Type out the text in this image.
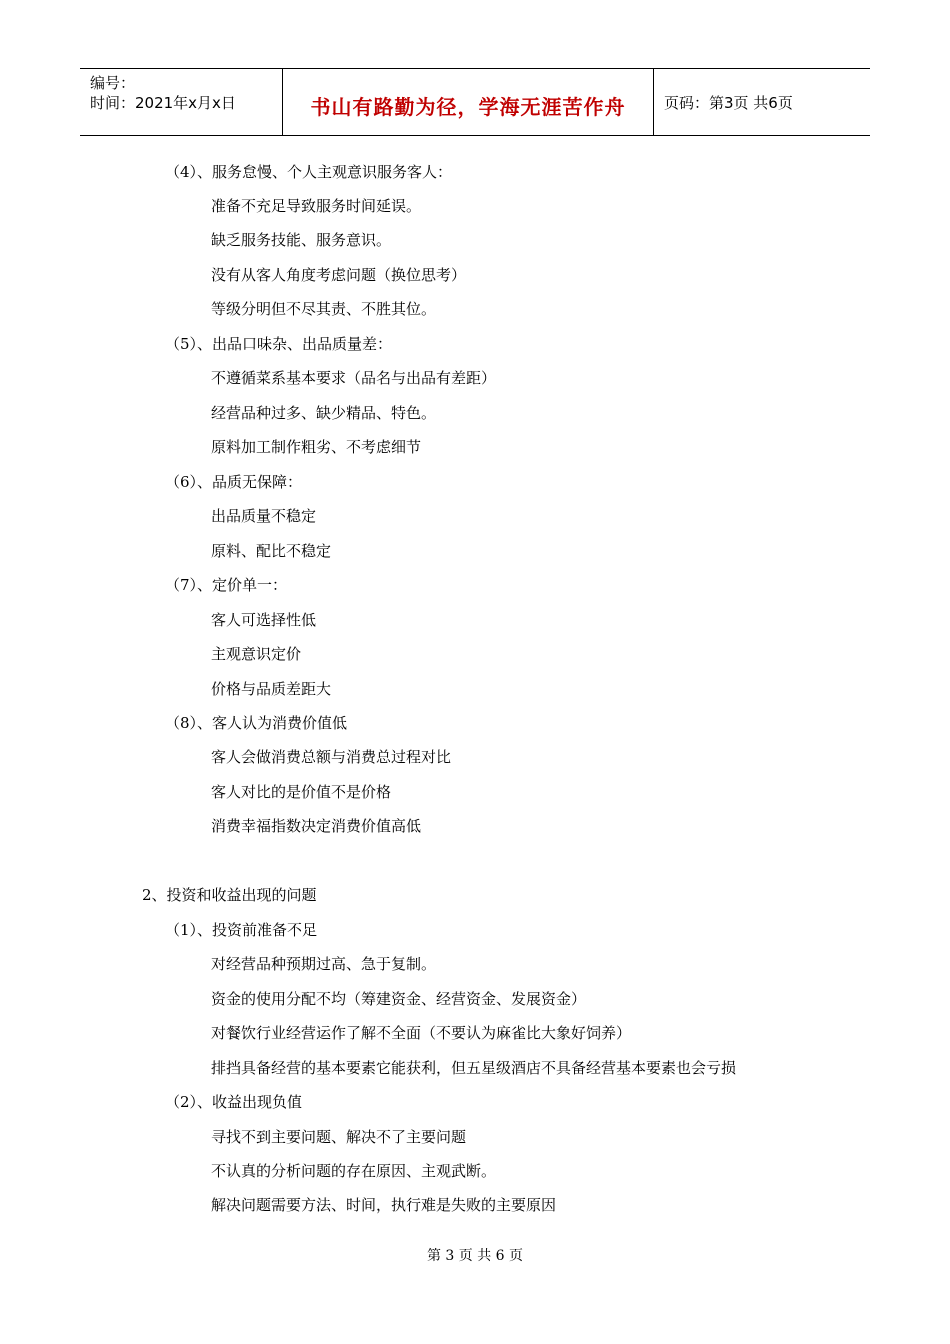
编号：
时间：2021年x月x日	书山有路勤为径，学海无涯苦作舟	页码：第3页 共6页
（4）、服务怠慢、个人主观意识服务客人：
准备不充足导致服务时间延误。
缺乏服务技能、服务意识。
没有从客人角度考虑问题（换位思考）
等级分明但不尽其责、不胜其位。
（5）、出品口味杂、出品质量差：
不遵循菜系基本要求（品名与出品有差距）
经营品种过多、缺少精品、特色。
原料加工制作粗劣、不考虑细节
（6）、品质无保障：
出品质量不稳定
原料、配比不稳定
（7）、定价单一：
客人可选择性低
主观意识定价
价格与品质差距大
（8）、客人认为消费价值低
客人会做消费总额与消费总过程对比
客人对比的是价值不是价格
消费幸福指数决定消费价值高低
2、投资和收益出现的问题
（1）、投资前准备不足
对经营品种预期过高、急于复制。
资金的使用分配不均（筹建资金、经营资金、发展资金）
对餐饮行业经营运作了解不全面（不要认为麻雀比大象好饲养）
排挡具备经营的基本要素它能获利，但五星级酒店不具备经营基本要素也会亏损
（2）、收益出现负值
寻找不到主要问题、解决不了主要问题
不认真的分析问题的存在原因、主观武断。
解决问题需要方法、时间，执行难是失败的主要原因
第 3 页 共 6 页
